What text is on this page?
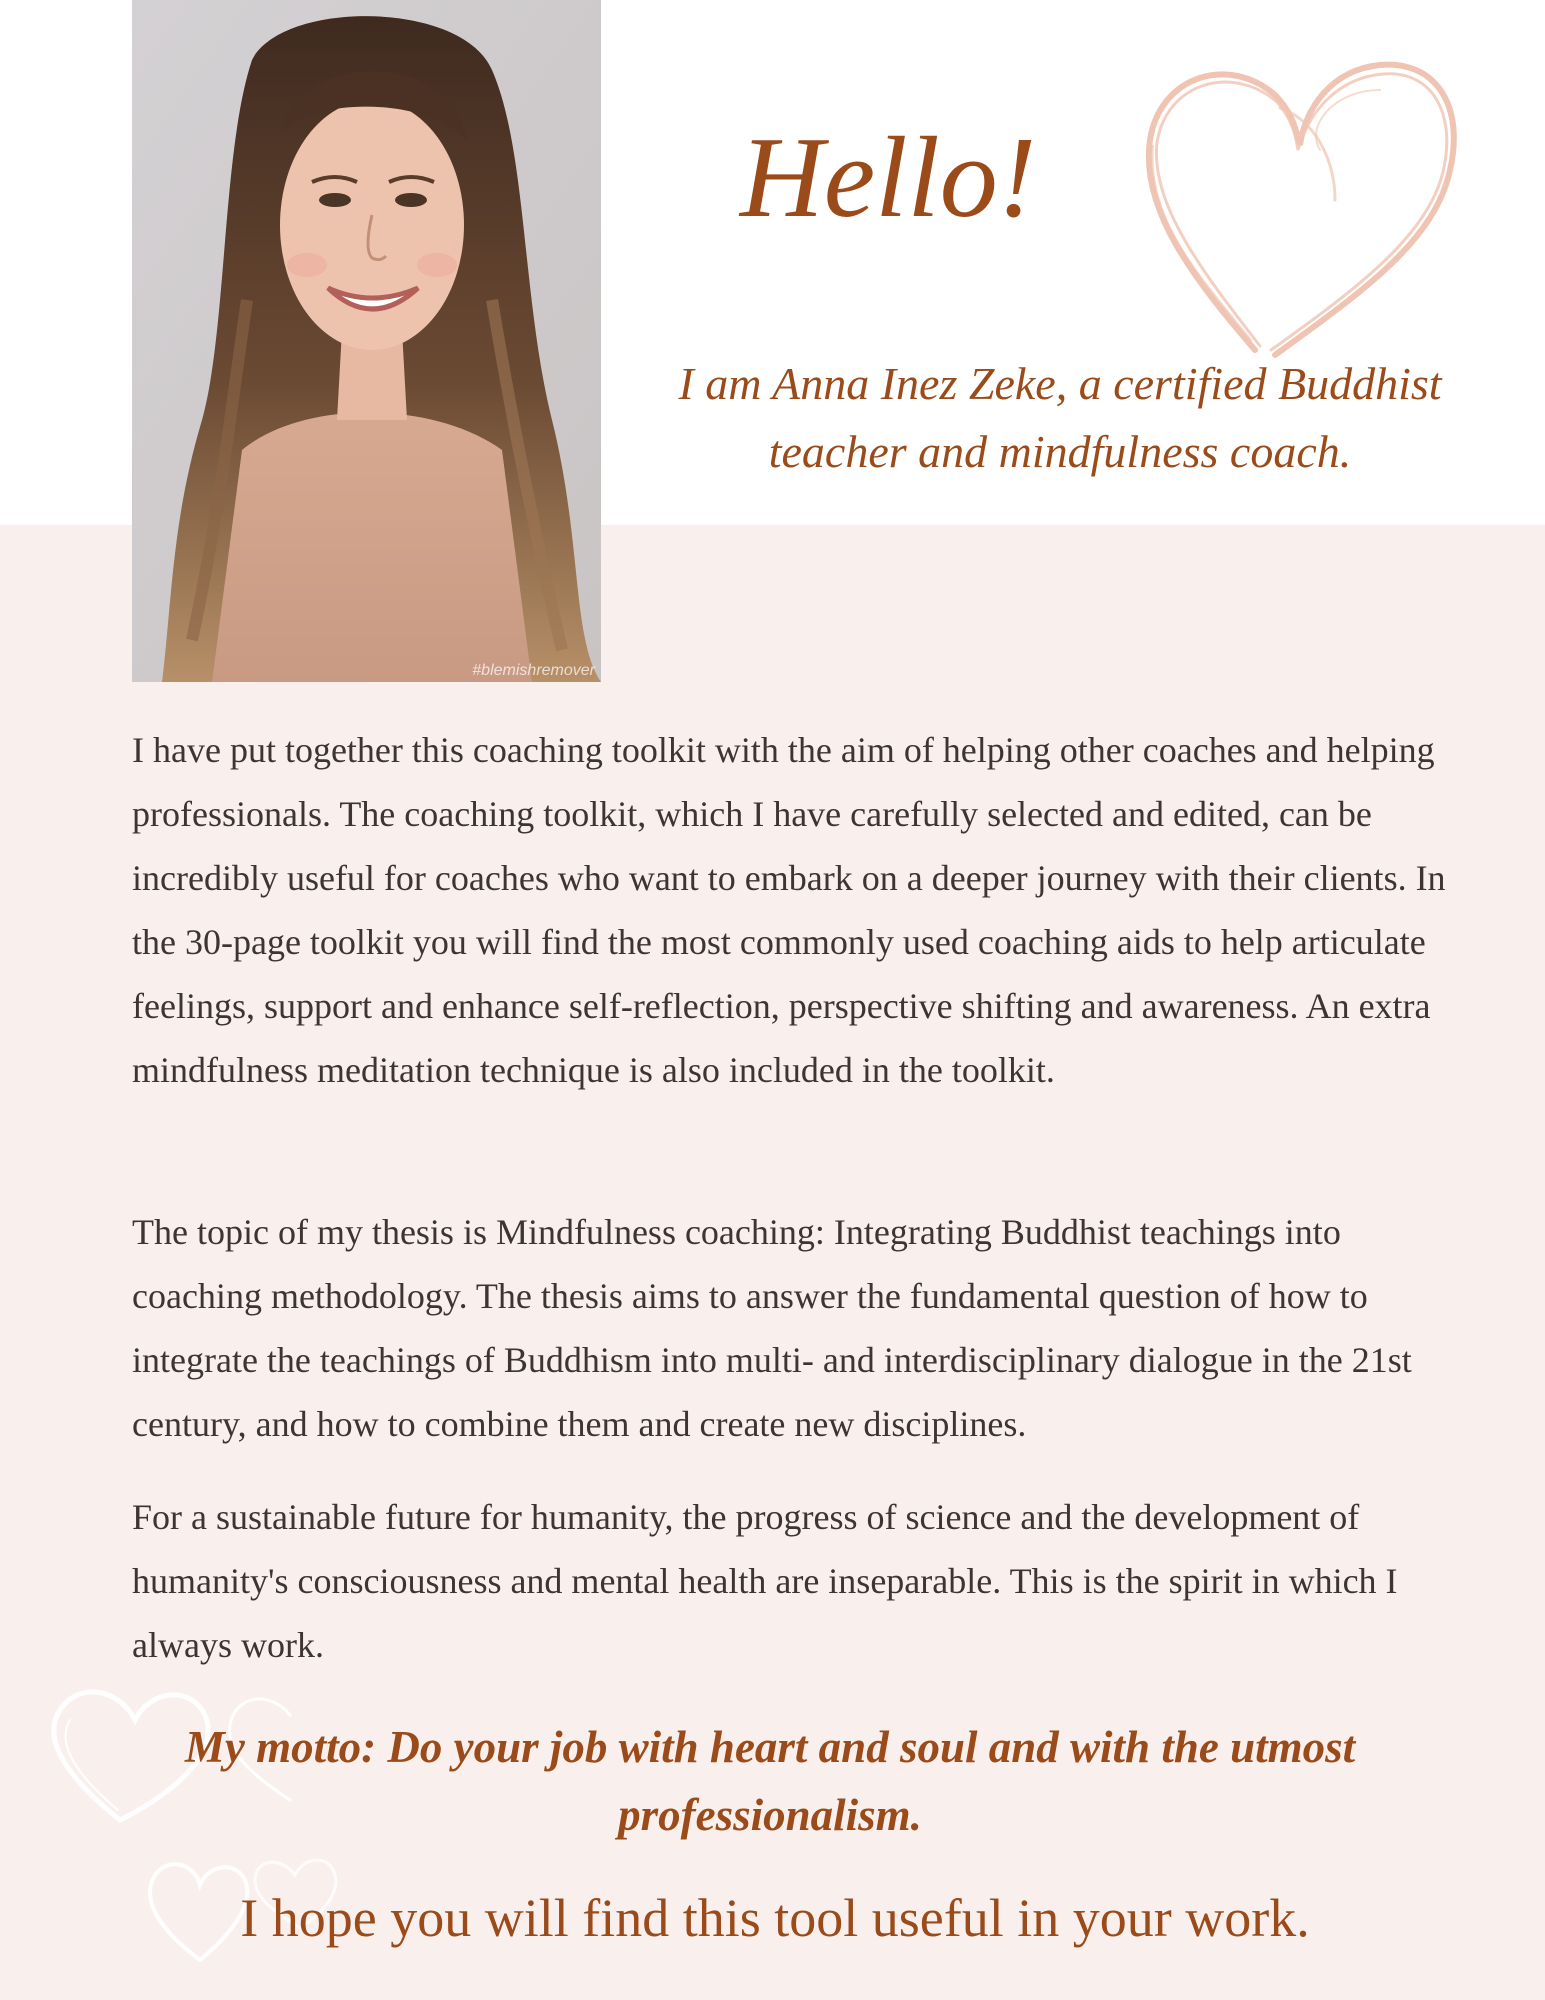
#blemishremover
Hello!

I am Anna Inez Zeke, a certified Buddhist teacher and mindfulness coach.

I have put together this coaching toolkit with the aim of helping other coaches and helping professionals. The coaching toolkit, which I have carefully selected and edited, can be incredibly useful for coaches who want to embark on a deeper journey with their clients. In the 30-page toolkit you will find the most commonly used coaching aids to help articulate feelings, support and enhance self-reflection, perspective shifting and awareness. An extra mindfulness meditation technique is also included in the toolkit.

The topic of my thesis is Mindfulness coaching: Integrating Buddhist teachings into coaching methodology. The thesis aims to answer the fundamental question of how to integrate the teachings of Buddhism into multi- and interdisciplinary dialogue in the 21st century, and how to combine them and create new disciplines.

For a sustainable future for humanity, the progress of science and the development of humanity's consciousness and mental health are inseparable. This is the spirit in which I always work.

My motto: Do your job with heart and soul and with the utmost professionalism.

I hope you will find this tool useful in your work.
